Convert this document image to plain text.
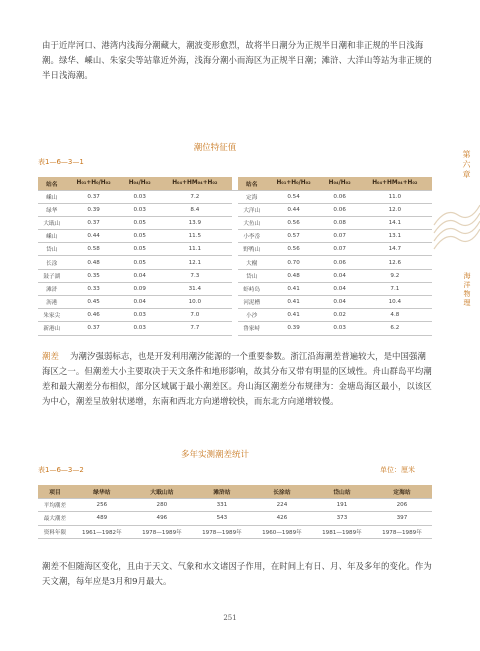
由于近岸河口、港湾内浅海分潮藏大，潮波变形愈烈，故将半日潮分为正规半日潮和非正规的半日浅海潮。绿华、嵊山、朱家尖等站靠近外海，浅海分潮小而海区为正规半日潮；滩浒、大洋山等站为非正规的半日浅海潮。
潮位特征值
表1—6—3—1
站名	H₀₁+H₀/H₀₂	H₀₄/H₀₂	H₀₄+HM₀₄+H₀₂		站名	H₀₁+H₀/H₀₂	H₀₄/H₀₂	H₀₄+HM₀₄+H₀₂
嵊山	0.37	0.03	7.2		定海	0.54	0.06	11.0
绿华	0.39	0.03	8.4		大洋山	0.44	0.06	12.0
大戢山	0.37	0.05	13.9		大鱼山	0.56	0.08	14.1
嵊山	0.44	0.05	11.5		小李岙	0.57	0.07	13.1
岱山	0.58	0.05	11.1		野鸭山	0.56	0.07	14.7
长涂	0.48	0.05	12.1		大榭	0.70	0.06	12.6
鼓子湖	0.35	0.04	7.3		岱山	0.48	0.04	9.2
滩浒	0.33	0.09	31.4		虾峙岛	0.41	0.04	7.1
沥港	0.45	0.04	10.0		河泥槽	0.41	0.04	10.4
朱家尖	0.46	0.03	7.0		小沙	0.41	0.02	4.8
新港山	0.37	0.03	7.7		鲁家峙	0.39	0.03	6.2
潮差 为潮汐强弱标志，也是开发利用潮汐能源的一个重要参数。浙江沿海潮差普遍较大，是中国强潮海区之一。但潮差大小主要取决于天文条件和地形影响，故其分布又带有明显的区域性。舟山群岛平均潮差和最大潮差分布相似，部分区域属于最小潮差区。舟山海区潮差分布规律为：金塘岛海区最小，以该区为中心，潮差呈放射状递增，东南和西北方向递增较快，而东北方向递增较慢。
多年实测潮差统计
表1—6—3—2	单位：厘米
项目	绿华站	大戢山站	滩浒站	长涂站	岱山站	定海站
平均潮差	256	280	331	224	191	206
最大潮差	489	496	543	426	373	397
资料年限	1961—1982年	1978—1989年	1978—1989年	1960—1989年	1981—1989年	1978—1989年
潮差不但随海区变化，且由于天文、气象和水文诸因子作用，在时间上有日、月、年及多年的变化。作为天文潮，每年应是3月和9月最大。
第六章
海洋物理
251
